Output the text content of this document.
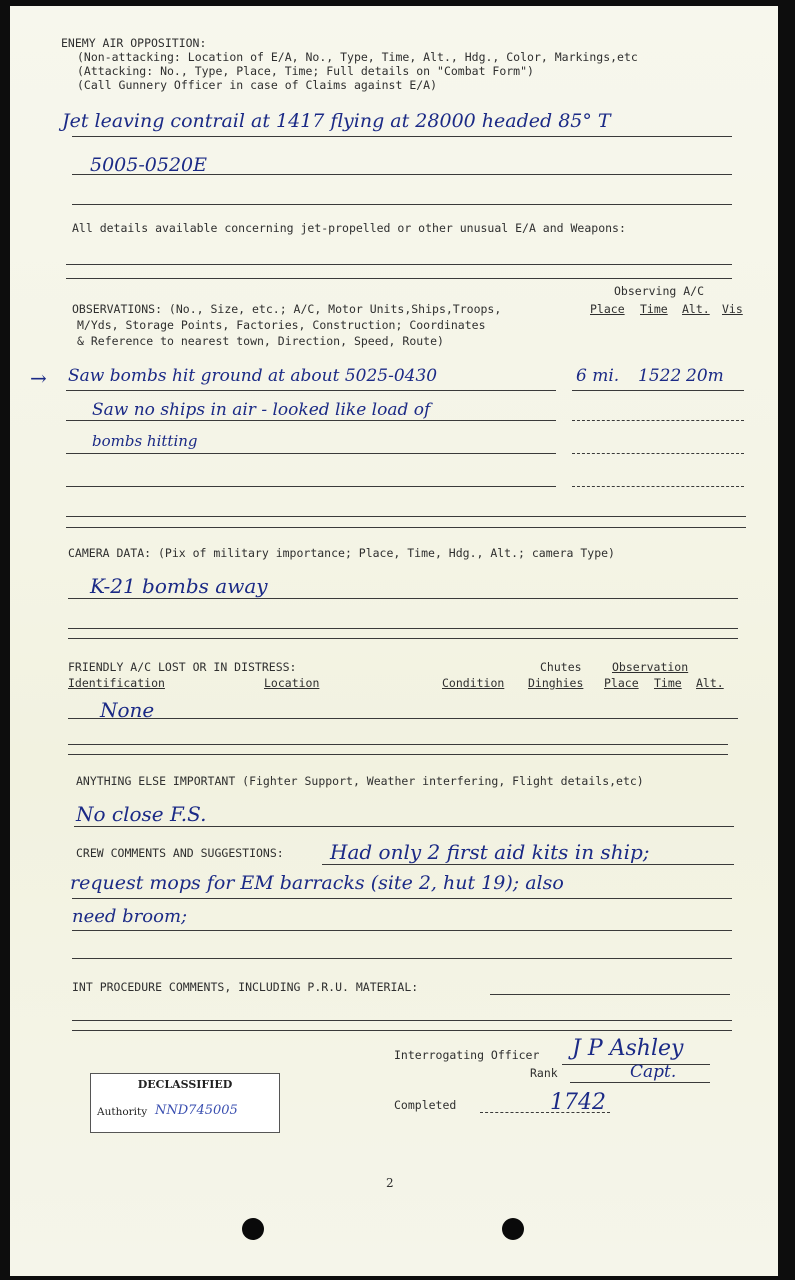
ENEMY AIR OPPOSITION:
(Non-attacking: Location of E/A, No., Type, Time, Alt., Hdg., Color, Markings,etc
(Attacking: No., Type, Place, Time; Full details on "Combat Form")
(Call Gunnery Officer in case of Claims against E/A)
Jet leaving contrail at 1417 flying at 28000 headed 85° T
5005-0520E
All details available concerning jet-propelled or other unusual E/A and Weapons:
Observing A/C
OBSERVATIONS: (No., Size, etc.; A/C, Motor Units,Ships,Troops,	Place Time Alt. Vis
M/Yds, Storage Points, Factories, Construction; Coordinates
& Reference to nearest town, Direction, Speed, Route)
→ Saw bombs hit ground at about 5025-0430	6 mi. 1522 20m
Saw no ships in air - looked like load of
bombs hitting
CAMERA DATA: (Pix of military importance; Place, Time, Hdg., Alt.; camera Type)
K-21 bombs away
FRIENDLY A/C LOST OR IN DISTRESS:	Chutes	Observation
Identification	Location	Condition Dinghies Place Time Alt.
None
ANYTHING ELSE IMPORTANT (Fighter Support, Weather interfering, Flight details,etc)
No close F.S.
CREW COMMENTS AND SUGGESTIONS: Had only 2 first aid kits in ship;
request mops for EM barracks (site 2, hut 19); also
need broom;
INT PROCEDURE COMMENTS, INCLUDING P.R.U. MATERIAL:
Interrogating Officer J P Ashley
Rank	Capt.
Completed	1742
DECLASSIFIED
Authority NND745005
2
